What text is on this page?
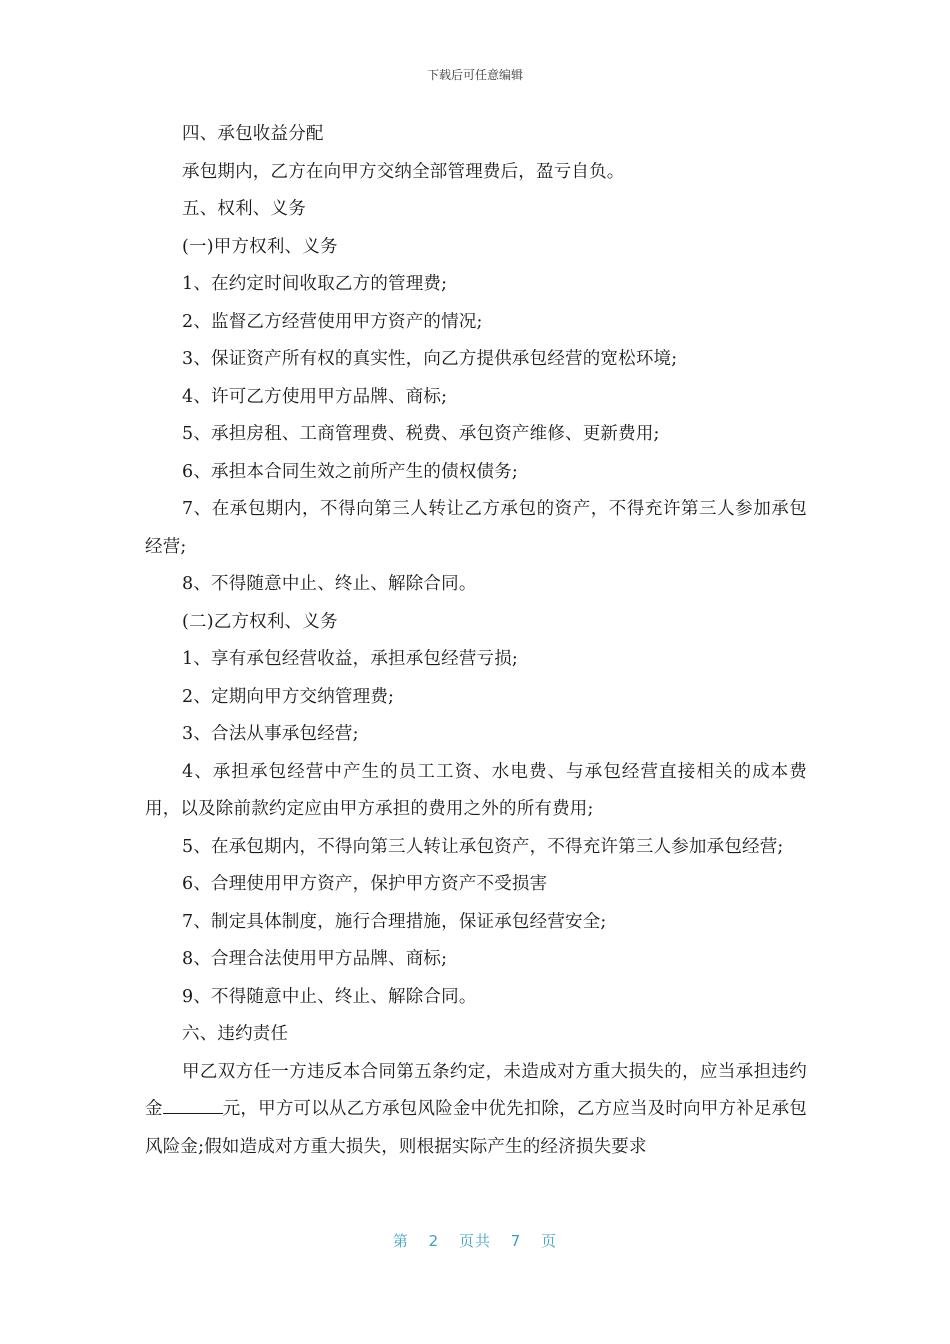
下载后可任意编辑

四、承包收益分配

承包期内，乙方在向甲方交纳全部管理费后，盈亏自负。

五、权利、义务

(一)甲方权利、义务

1、在约定时间收取乙方的管理费;

2、监督乙方经营使用甲方资产的情况;

3、保证资产所有权的真实性，向乙方提供承包经营的宽松环境;

4、许可乙方使用甲方品牌、商标;

5、承担房租、工商管理费、税费、承包资产维修、更新费用;

6、承担本合同生效之前所产生的债权债务;

7、在承包期内，不得向第三人转让乙方承包的资产，不得充许第三人参加承包经营;

8、不得随意中止、终止、解除合同。

(二)乙方权利、义务

1、享有承包经营收益，承担承包经营亏损;

2、定期向甲方交纳管理费;

3、合法从事承包经营;

4、承担承包经营中产生的员工工资、水电费、与承包经营直接相关的成本费用，以及除前款约定应由甲方承担的费用之外的所有费用;

5、在承包期内，不得向第三人转让承包资产，不得充许第三人参加承包经营;

6、合理使用甲方资产，保护甲方资产不受损害

7、制定具体制度，施行合理措施，保证承包经营安全;

8、合理合法使用甲方品牌、商标;

9、不得随意中止、终止、解除合同。

六、违约责任

甲乙双方任一方违反本合同第五条约定，未造成对方重大损失的，应当承担违约金	元，甲方可以从乙方承包风险金中优先扣除，乙方应当及时向甲方补足承包风险金;假如造成对方重大损失，则根据实际产生的经济损失要求

第 2 页共 7 页
